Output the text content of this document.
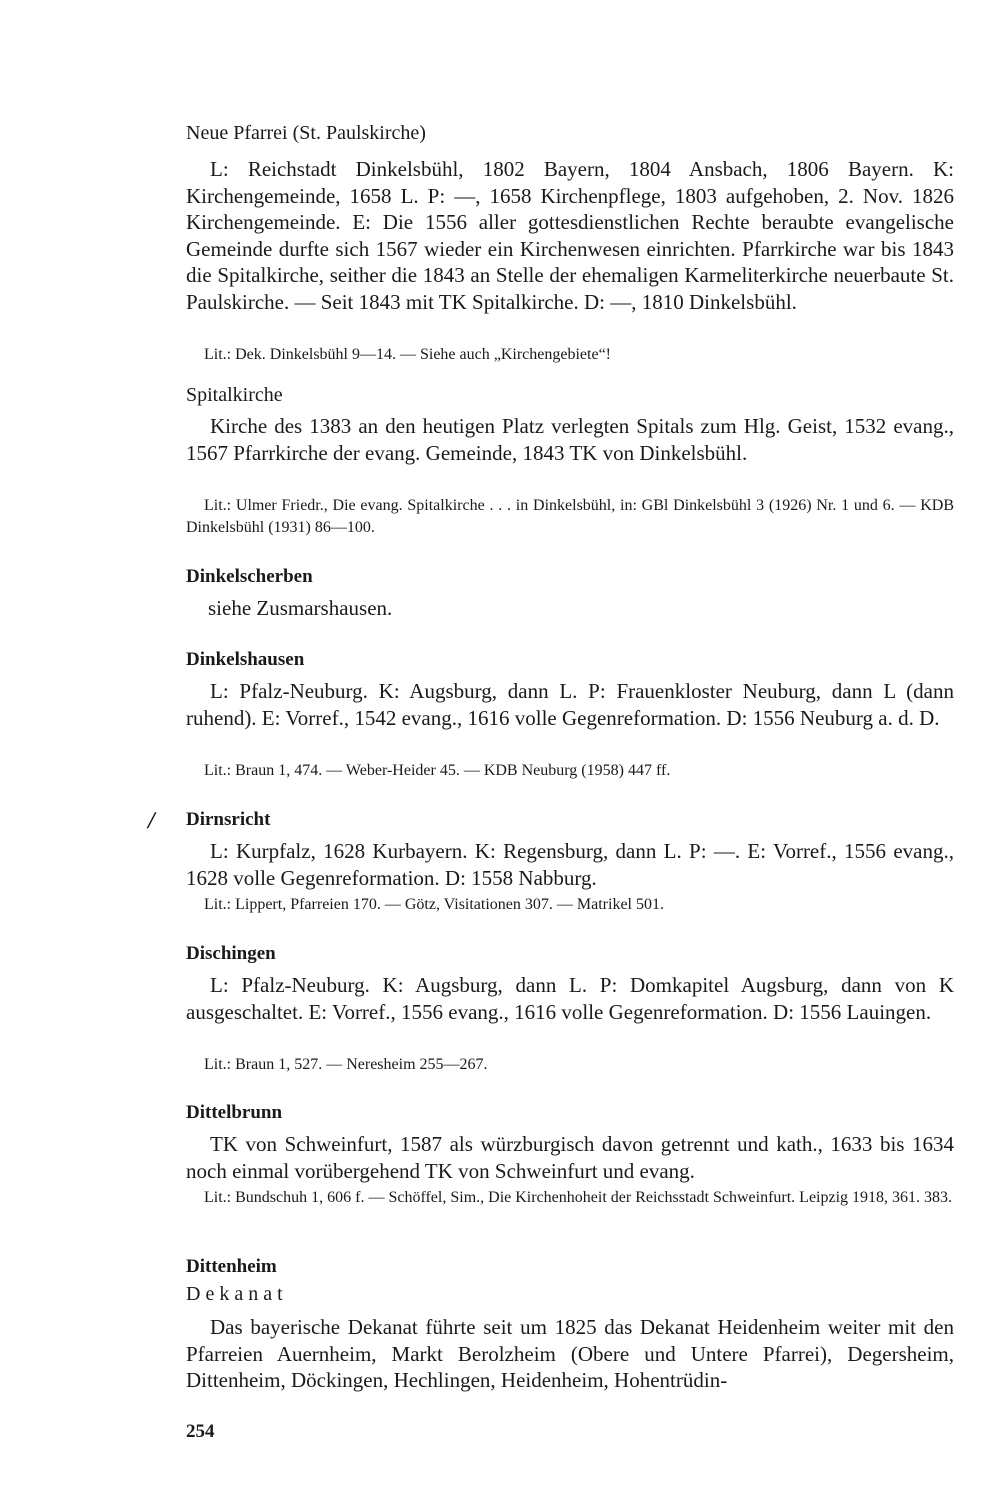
Neue Pfarrei (St. Paulskirche)
L: Reichstadt Dinkelsbühl, 1802 Bayern, 1804 Ansbach, 1806 Bayern. K: Kirchengemeinde, 1658 L. P: —, 1658 Kirchenpflege, 1803 aufgehoben, 2. Nov. 1826 Kirchengemeinde. E: Die 1556 aller gottesdienstlichen Rechte beraubte evangelische Gemeinde durfte sich 1567 wieder ein Kirchenwesen einrichten. Pfarrkirche war bis 1843 die Spitalkirche, seither die 1843 an Stelle der ehemaligen Karmeliterkirche neuerbaute St. Paulskirche. — Seit 1843 mit TK Spitalkirche. D: —, 1810 Dinkelsbühl.
Lit.: Dek. Dinkelsbühl 9—14. — Siehe auch „Kirchengebiete“!
Spitalkirche
Kirche des 1383 an den heutigen Platz verlegten Spitals zum Hlg. Geist, 1532 evang., 1567 Pfarrkirche der evang. Gemeinde, 1843 TK von Dinkelsbühl.
Lit.: Ulmer Friedr., Die evang. Spitalkirche . . . in Dinkelsbühl, in: GBl Dinkelsbühl 3 (1926) Nr. 1 und 6. — KDB Dinkelsbühl (1931) 86—100.
Dinkelscherben
siehe Zusmarshausen.
Dinkelshausen
L: Pfalz-Neuburg. K: Augsburg, dann L. P: Frauenkloster Neuburg, dann L (dann ruhend). E: Vorref., 1542 evang., 1616 volle Gegenreformation. D: 1556 Neuburg a. d. D.
Lit.: Braun 1, 474. — Weber-Heider 45. — KDB Neuburg (1958) 447 ff.
/ Dirnsricht
L: Kurpfalz, 1628 Kurbayern. K: Regensburg, dann L. P: —. E: Vorref., 1556 evang., 1628 volle Gegenreformation. D: 1558 Nabburg.
Lit.: Lippert, Pfarreien 170. — Götz, Visitationen 307. — Matrikel 501.
Dischingen
L: Pfalz-Neuburg. K: Augsburg, dann L. P: Domkapitel Augsburg, dann von K ausgeschaltet. E: Vorref., 1556 evang., 1616 volle Gegenreformation. D: 1556 Lauingen.
Lit.: Braun 1, 527. — Neresheim 255—267.
Dittelbrunn
TK von Schweinfurt, 1587 als würzburgisch davon getrennt und kath., 1633 bis 1634 noch einmal vorübergehend TK von Schweinfurt und evang.
Lit.: Bundschuh 1, 606 f. — Schöffel, Sim., Die Kirchenhoheit der Reichsstadt Schweinfurt. Leipzig 1918, 361. 383.
Dittenheim
Dekanat
Das bayerische Dekanat führte seit um 1825 das Dekanat Heidenheim weiter mit den Pfarreien Auernheim, Markt Berolzheim (Obere und Untere Pfarrei), Degersheim, Dittenheim, Döckingen, Hechlingen, Heidenheim, Hohentrüdin-
254
